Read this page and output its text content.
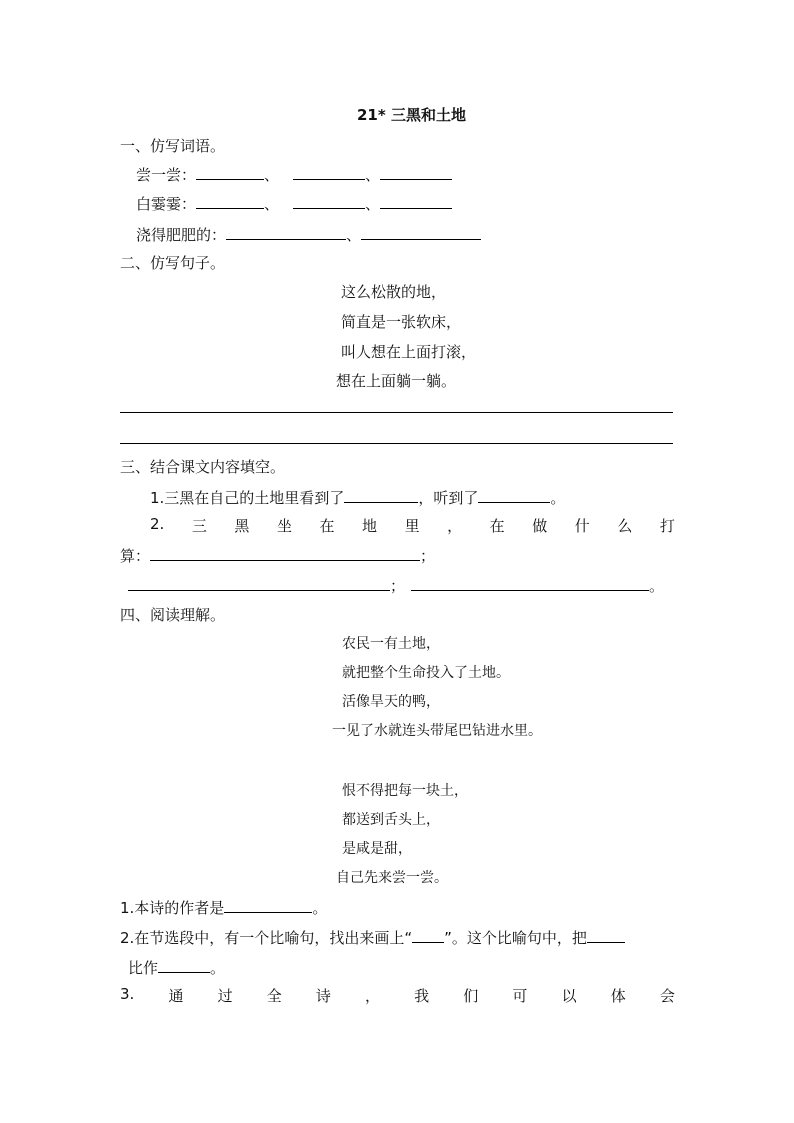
21* 三黑和土地
一、仿写词语。
尝一尝：	、	、
白霎霎：	、	、
浇得肥肥的：	、
二、仿写句子。
这么松散的地，
简直是一张软床，
叫人想在上面打滚，
想在上面躺一躺。
三、结合课文内容填空。
1.三黑在自己的土地里看到了	，听到了	。
2. 三 黑 坐 在 地 里 ， 在 做 什 么 打
算：	；
；	。
四、阅读理解。
农民一有土地，
就把整个生命投入了土地。
活像旱天的鸭，
一见了水就连头带尾巴钻进水里。
恨不得把每一块土，
都送到舌头上，
是咸是甜，
自己先来尝一尝。
1.本诗的作者是	。
2.在节选段中，有一个比喻句，找出来画上“ ”。这个比喻句中，把
比作	。
3. 通 过 全 诗 ， 我 们 可 以 体 会
